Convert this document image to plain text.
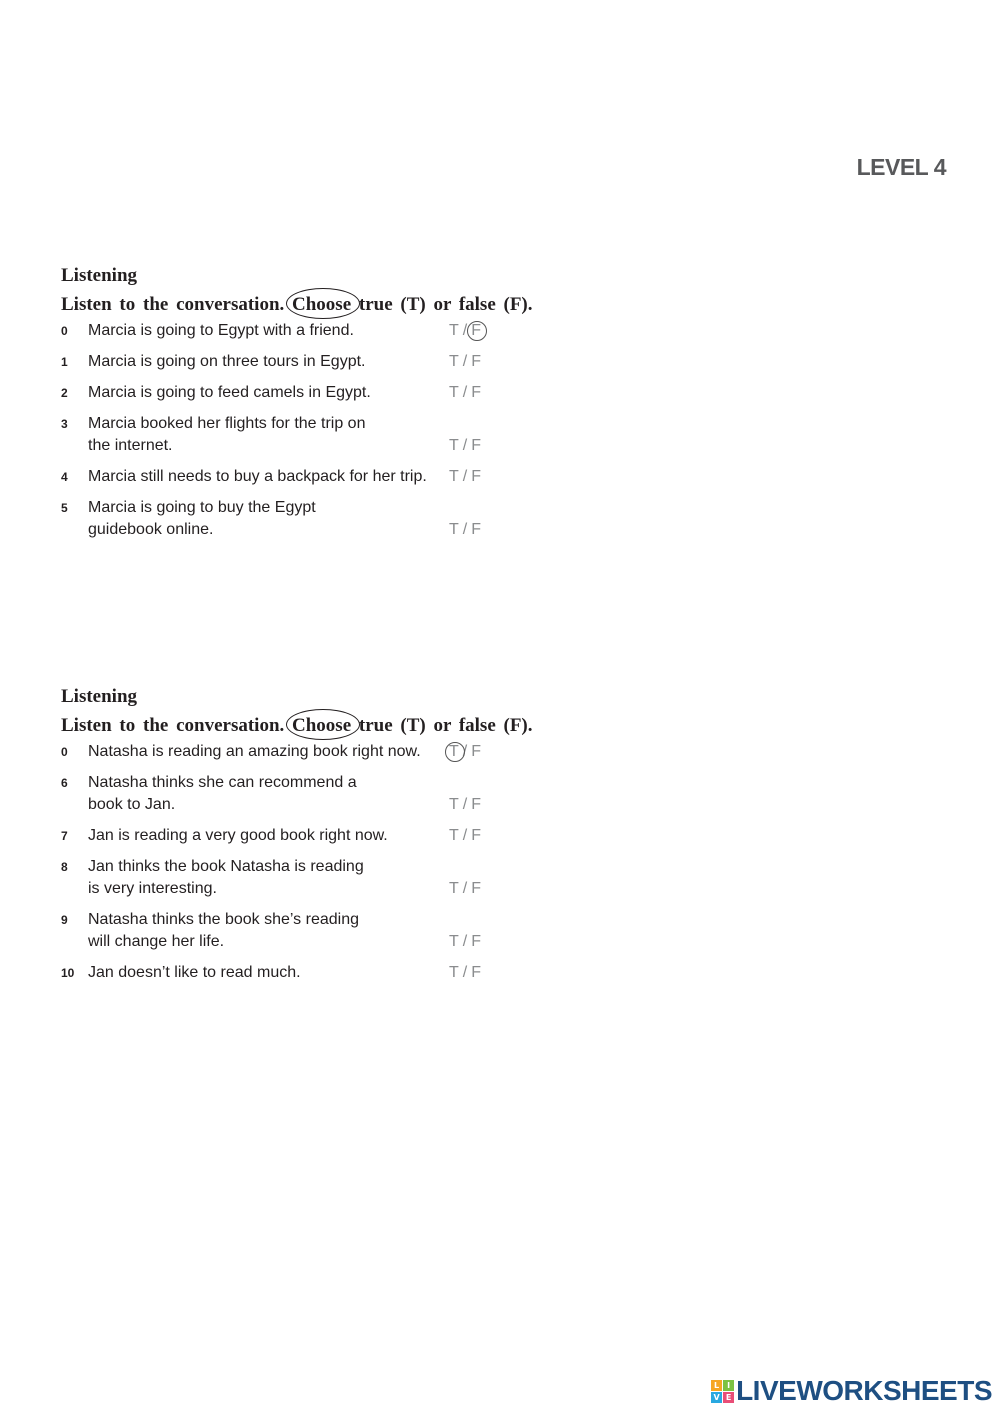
LEVEL 4
Listening

Listen to the conversation. Choose true (T) or false (F).

0	Marcia is going to Egypt with a friend.	T / F
1	Marcia is going on three tours in Egypt.	T / F
2	Marcia is going to feed camels in Egypt.	T / F
3	Marcia booked her flights for the trip on
the internet.	T / F
4	Marcia still needs to buy a backpack for her trip.	T / F
5	Marcia is going to buy the Egypt
guidebook online.	T / F
Listening

Listen to the conversation. Choose true (T) or false (F).

0	Natasha is reading an amazing book right now.	T / F
6	Natasha thinks she can recommend a
book to Jan.	T / F
7	Jan is reading a very good book right now.	T / F
8	Jan thinks the book Natasha is reading
is very interesting.	T / F
9	Natasha thinks the book she’s reading
will change her life.	T / F
10 Jan doesn’t like to read much.	T / F
L I
V E LIVEWORKSHEETS
